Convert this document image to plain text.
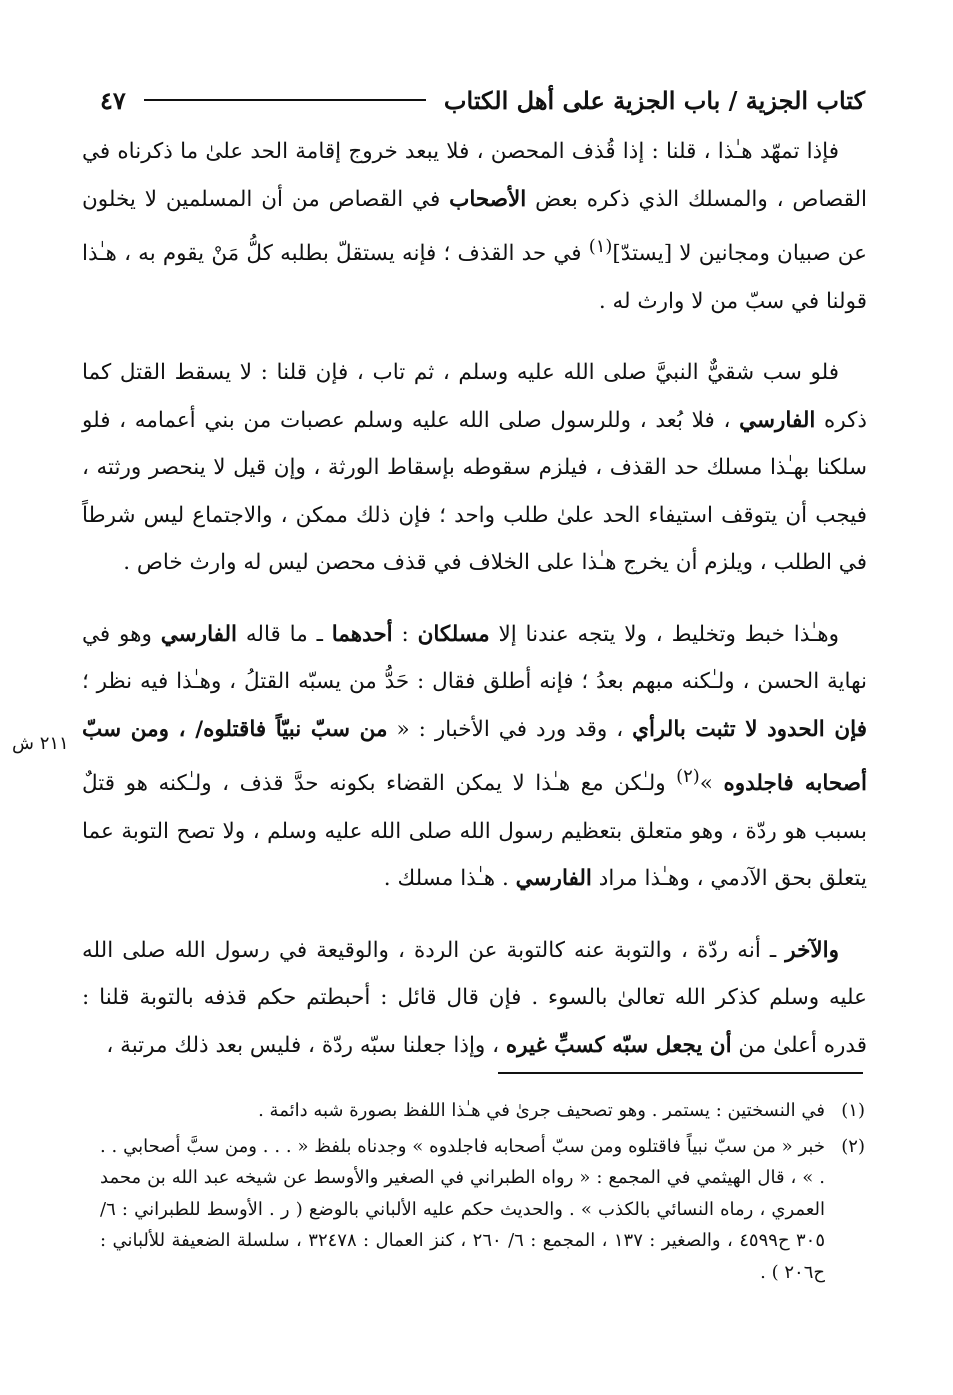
كتاب الجزية / باب الجزية على أهل الكتاب
٤٧

فإذا تمهّد هـٰذا ، قلنا : إذا قُذف المحصن ، فلا يبعد خروج إقامة الحد علىٰ ما ذكرناه في القصاص ، والمسلك الذي ذكره بعض الأصحاب في القصاص من أن المسلمين لا يخلون عن صبيان ومجانين لا [يستدّ]$^{(١)}$ في حد القذف ؛ فإنه يستقلّ بطلبه كلُّ مَنْ يقوم به ، هـٰذا قولنا في سبّ من لا وارث له .

فلو سب شقيٌّ النبيَّ صلى الله عليه وسلم ، ثم تاب ، فإن قلنا : لا يسقط القتل كما ذكره الفارسي ، فلا بُعد ، وللرسول صلى الله عليه وسلم عصبات من بني أعمامه ، فلو سلكنا بهـٰذا مسلك حد القذف ، فيلزم سقوطه بإسقاط الورثة ، وإن قيل لا ينحصر ورثته ، فيجب أن يتوقف استيفاء الحد علىٰ طلب واحد ؛ فإن ذلك ممكن ، والاجتماع ليس شرطاً في الطلب ، ويلزم أن يخرج هـٰذا على الخلاف في قذف محصن ليس له وارث خاص .

وهـٰذا خبط وتخليط ، ولا يتجه عندنا إلا مسلكان : أحدهما ـ ما قاله الفارسي وهو في نهاية الحسن ، ولـٰكنه مبهم بعدُ ؛ فإنه أطلق فقال : حَدُّ من يسبّه القتلُ ، وهـٰذا فيه نظر ؛ فإن الحدود لا تثبت بالرأي ، وقد ورد في الأخبار : « من سبّ نبيّاً فاقتلوه/ ، ومن سبّ أصحابه فاجلدوه »$^{(٢)}$ ولـٰكن مع هـٰذا لا يمكن القضاء بكونه حدَّ قذف ، ولـٰكنه هو قتلٌ بسبب هو ردّة ، وهو متعلق بتعظيم رسول الله صلى الله عليه وسلم ، ولا تصح التوبة عما يتعلق بحق الآدمي ، وهـٰذا مراد الفارسي . هـٰذا مسلك .

والآخر ـ أنه ردّة ، والتوبة عنه كالتوبة عن الردة ، والوقيعة في رسول الله صلى الله عليه وسلم كذكر الله تعالىٰ بالسوء . فإن قال قائل : أحبطتم حكم قذفه بالتوبة قلنا : قدره أعلىٰ من أن يجعل سبّه كسبِّ غيره ، وإذا جعلنا سبّه ردّة ، فليس بعد ذلك مرتبة ،

٢١١ ش
(١)
في النسختين : يستمر . وهو تصحيف جرىٰ في هـٰذا اللفظ بصورة شبه دائمة .
(٢)
خبر « من سبّ نبياً فاقتلوه ومن سبّ أصحابه فاجلدوه » وجدناه بلفظ « . . . ومن سبَّ أصحابي . . . » ، قال الهيثمي في المجمع : « رواه الطبراني في الصغير والأوسط عن شيخه عبد الله بن محمد العمري ، رماه النسائي بالكذب » . والحديث حكم عليه الألباني بالوضع ( ر . الأوسط للطبراني : ٦/ ٣٠٥ ح٤٥٩٩ ، والصغير : ١٣٧ ، المجمع : ٦/ ٢٦٠ ، كنز العمال : ٣٢٤٧٨ ، سلسلة الضعيفة للألباني : ح٢٠٦ ) .
